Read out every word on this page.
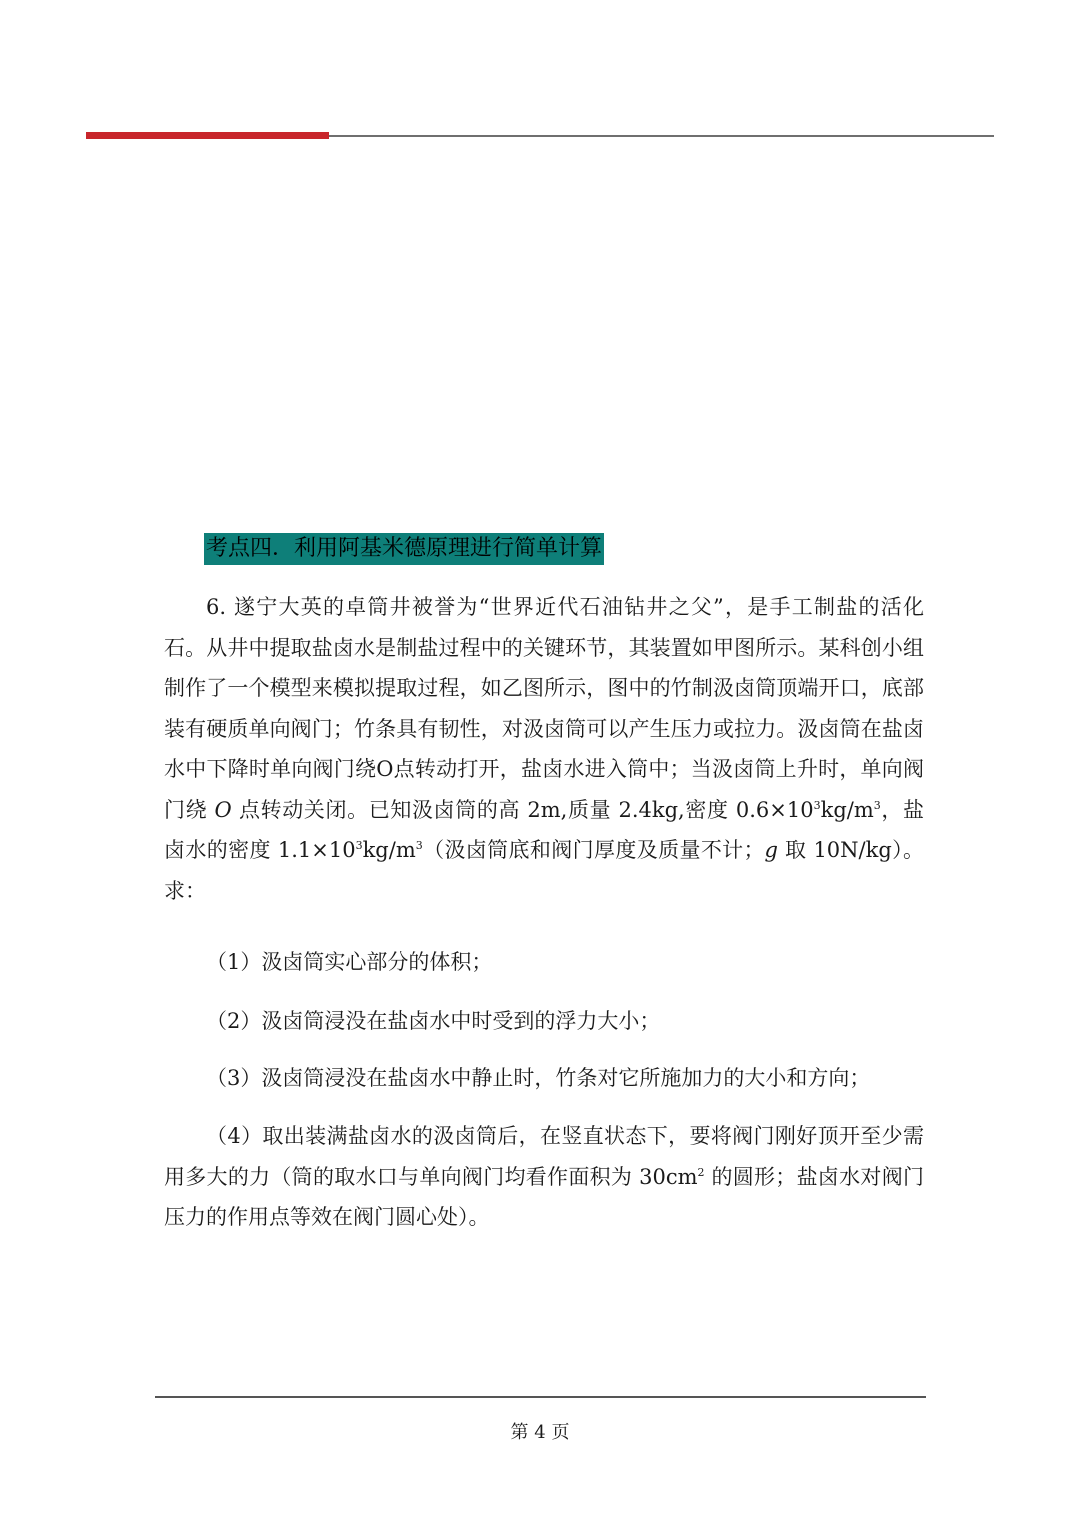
考点四．利用阿基米德原理进行简单计算

6. 遂宁大英的卓筒井被誉为“世界近代石油钻井之父”，是手工制盐的活化石。从井中提取盐卤水是制盐过程中的关键环节，其装置如甲图所示。某科创小组制作了一个模型来模拟提取过程，如乙图所示，图中的竹制汲卤筒顶端开口，底部装有硬质单向阀门；竹条具有韧性，对汲卤筒可以产生压力或拉力。汲卤筒在盐卤水中下降时单向阀门绕O点转动打开，盐卤水进入筒中；当汲卤筒上升时，单向阀门绕 O 点转动关闭。已知汲卤筒的高 2m,质量 2.4kg,密度 $0.6\times 10^3kg/m^3$，盐卤水的密度 $1.1\times 10^3kg/m^3$（汲卤筒底和阀门厚度及质量不计；g 取 10N/kg）。求：

（1）汲卤筒实心部分的体积；

（2）汲卤筒浸没在盐卤水中时受到的浮力大小；

（3）汲卤筒浸没在盐卤水中静止时，竹条对它所施加力的大小和方向；

（4）取出装满盐卤水的汲卤筒后，在竖直状态下，要将阀门刚好顶开至少需用多大的力（筒的取水口与单向阀门均看作面积为 $30cm^2$ 的圆形；盐卤水对阀门压力的作用点等效在阀门圆心处）。

第 4 页
